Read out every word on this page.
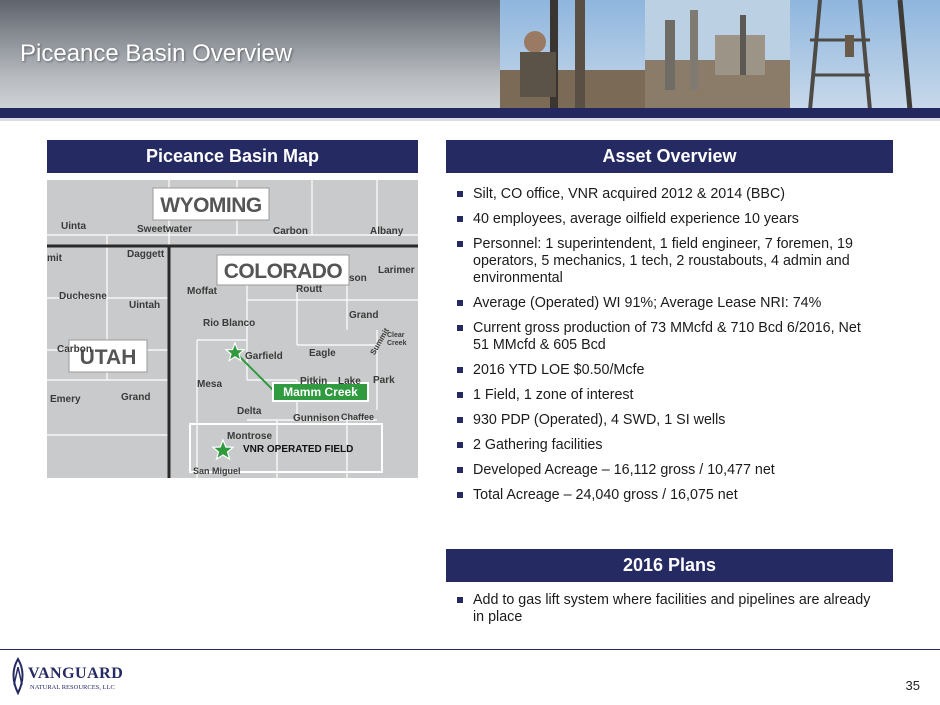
Piceance Basin Overview
Piceance Basin Map
WYOMING
COLORADO
UTAH
Uinta	Sweetwater	Carbon	Albany
Daggett
Larimer
Duchesne
Uintah
Moffat	Routt
Grand
Rio Blanco
Garfield	Eagle	Summit
Clear Creek
Mesa	Pitkin Lake Park
Emery	Grand
Delta
Gunnison Chaffee
Montrose
San Miguel
Carbon
mit
son
Mamm Creek
VNR OPERATED FIELD
Asset Overview
Silt, CO office, VNR acquired 2012 & 2014 (BBC)
40 employees, average oilfield experience 10 years
Personnel: 1 superintendent, 1 field engineer, 7 foremen, 19 operators, 5 mechanics, 1 tech, 2 roustabouts, 4 admin and environmental
Average (Operated) WI 91%; Average Lease NRI: 74%
Current gross production of 73 MMcfd & 710 Bcd 6/2016, Net 51 MMcfd & 605 Bcd
2016 YTD LOE $0.50/Mcfe
1 Field, 1 zone of interest
930 PDP (Operated), 4 SWD, 1 SI wells
2 Gathering facilities
Developed Acreage – 16,112 gross / 10,477 net
Total Acreage – 24,040 gross / 16,075 net
2016 Plans
Add to gas lift system where facilities and pipelines are already in place
VANGUARD
NATURAL RESOURCES, LLC	35
